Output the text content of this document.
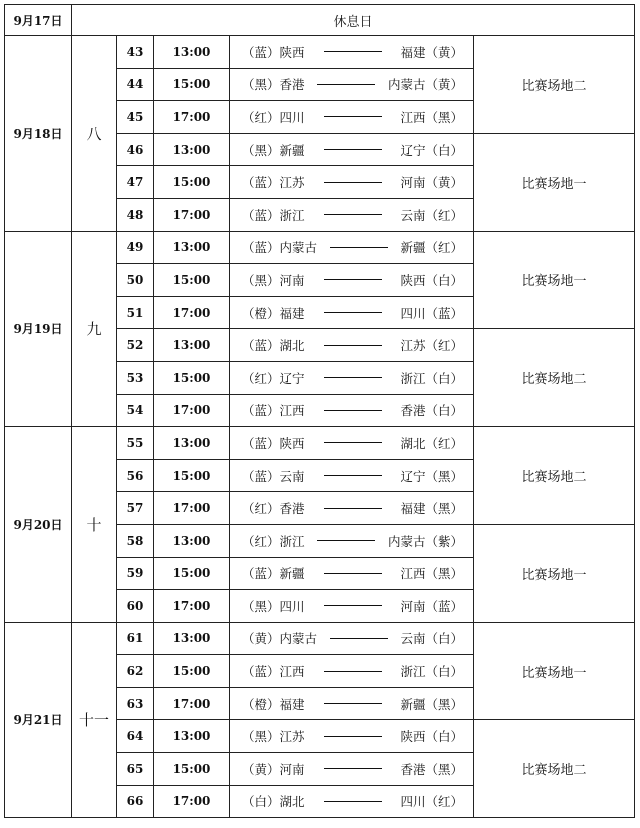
9月17日	休息日				
9月18日	八	43	13:00	（蓝）陕西 福建（黄）	比赛场地二
		44	15:00	（黑）香港 内蒙古（黄）	

		45	17:00	（红）四川 江西（黑）	

		46	13:00	（黑）新疆 辽宁（白）	比赛场地一
		47	15:00	（蓝）江苏 河南（黄）	

		48	17:00	（蓝）浙江 云南（红）	

9月19日	九	49	13:00	（蓝）内蒙古 新疆（红）	比赛场地一
		50	15:00	（黑）河南 陕西（白）	

		51	17:00	（橙）福建 四川（蓝）	

		52	13:00	（蓝）湖北 江苏（红）	比赛场地二
		53	15:00	（红）辽宁 浙江（白）	

		54	17:00	（蓝）江西 香港（白）	

9月20日	十	55	13:00	（蓝）陕西 湖北（红）	比赛场地二
		56	15:00	（蓝）云南 辽宁（黑）	

		57	17:00	（红）香港 福建（黑）	

		58	13:00	（红）浙江 内蒙古（紫）	比赛场地一
		59	15:00	（蓝）新疆 江西（黑）	

		60	17:00	（黑）四川 河南（蓝）	

9月21日	十一	61	13:00	（黄）内蒙古 云南（白）	比赛场地一
		62	15:00	（蓝）江西 浙江（白）	

		63	17:00	（橙）福建 新疆（黑）	

		64	13:00	（黑）江苏 陕西（白）	比赛场地二
		65	15:00	（黄）河南 香港（黑）	

		66	17:00	（白）湖北 四川（红）	
